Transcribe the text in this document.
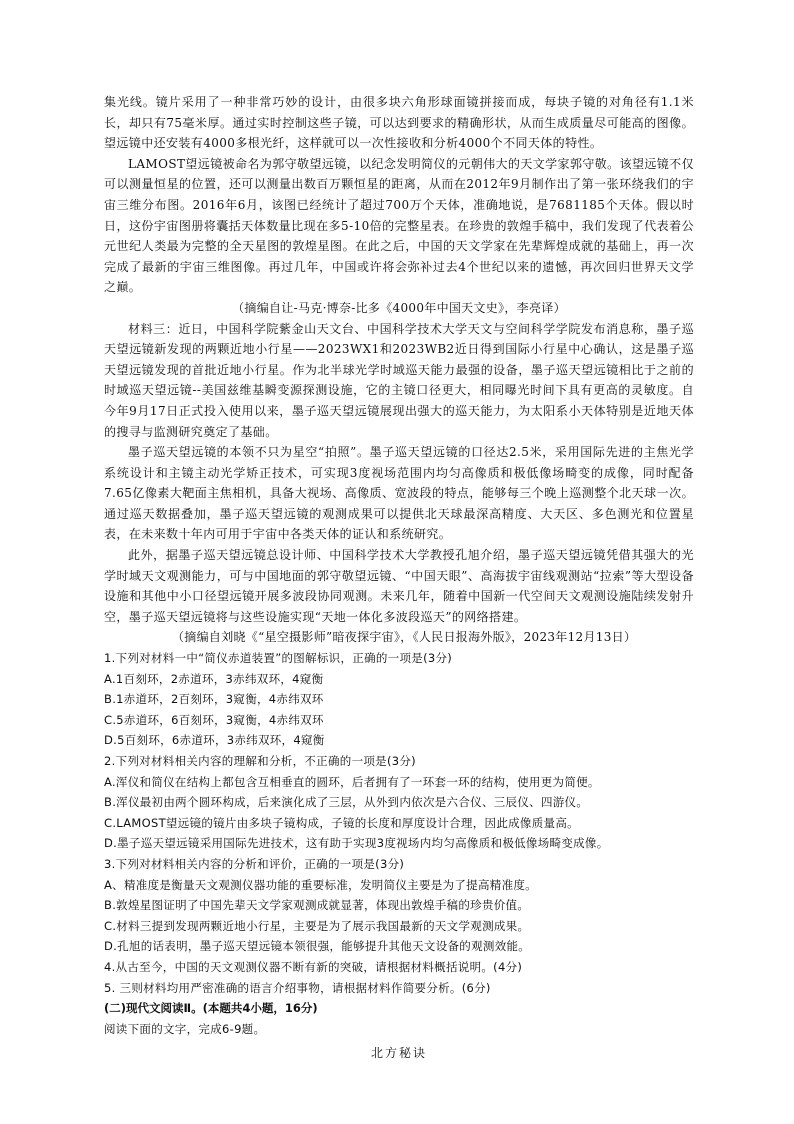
集光线。镜片采用了一种非常巧妙的设计，由很多块六角形球面镜拼接而成，每块子镜的对角径有1.1米长，却只有75毫米厚。通过实时控制这些子镜，可以达到要求的精确形状，从而生成质量尽可能高的图像。望远镜中还安装有4000多根光纤，这样就可以一次性接收和分析4000个不同天体的特性。

LAMOST望远镜被命名为郭守敬望远镜，以纪念发明简仪的元朝伟大的天文学家郭守敬。该望远镜不仅可以测量恒星的位置，还可以测量出数百万颗恒星的距离，从而在2012年9月制作出了第一张环绕我们的宇宙三维分布图。2016年6月，该图已经统计了超过700万个天体，准确地说，是7681185个天体。假以时日，这份宇宙图册将囊括天体数量比现在多5-10倍的完整星表。在珍贵的敦煌手稿中，我们发现了代表着公元世纪人类最为完整的全天星图的敦煌星图。在此之后，中国的天文学家在先辈辉煌成就的基础上，再一次完成了最新的宇宙三维图像。再过几年，中国或许将会弥补过去4个世纪以来的遗憾，再次回归世界天文学之巅。

（摘编自让-马克·博奈-比多《4000年中国天文史》，李亮译）

材料三：近日，中国科学院紫金山天文台、中国科学技术大学天文与空间科学学院发布消息称，墨子巡天望远镜新发现的两颗近地小行星——2023WX1和2023WB2近日得到国际小行星中心确认，这是墨子巡天望远镜发现的首批近地小行星。作为北半球光学时域巡天能力最强的设备，墨子巡天望远镜相比于之前的时域巡天望远镜--美国兹维基瞬变源探测设施，它的主镜口径更大，相同曝光时间下具有更高的灵敏度。自今年9月17日正式投入使用以来，墨子巡天望远镜展现出强大的巡天能力，为太阳系小天体特别是近地天体的搜寻与监测研究奠定了基础。

墨子巡天望远镜的本领不只为星空“拍照”。墨子巡天望远镜的口径达2.5米，采用国际先进的主焦光学系统设计和主镜主动光学矫正技术，可实现3度视场范围内均匀高像质和极低像场畸变的成像，同时配备7.65亿像素大靶面主焦相机，具备大视场、高像质、宽波段的特点，能够每三个晚上巡测整个北天球一次。通过巡天数据叠加，墨子巡天望远镜的观测成果可以提供北天球最深高精度、大天区、多色测光和位置星表，在未来数十年内可用于宇宙中各类天体的证认和系统研究。

此外，据墨子巡天望远镜总设计师、中国科学技术大学教授孔旭介绍，墨子巡天望远镜凭借其强大的光学时域天文观测能力，可与中国地面的郭守敬望远镜、“中国天眼”、高海拔宇宙线观测站“拉索”等大型设备设施和其他中小口径望远镜开展多波段协同观测。未来几年，随着中国新一代空间天文观测设施陆续发射升空，墨子巡天望远镜将与这些设施实现“天地一体化多波段巡天”的网络搭建。

（摘编自刘晓《“星空摄影师”暗夜探宇宙》，《人民日报海外版》，2023年12月13日）

1.下列对材料一中“简仪赤道装置”的图解标识，正确的一项是(3分)

A.1百刻环，2赤道环，3赤纬双环，4窥衡

B.1赤道环，2百刻环，3窥衡，4赤纬双环

C.5赤道环，6百刻环，3窥衡，4赤纬双环

D.5百刻环，6赤道环，3赤纬双环，4窥衡

2.下列对材料相关内容的理解和分析，不正确的一项是(3分)

A.浑仪和简仪在结构上都包含互相垂直的圆环，后者拥有了一环套一环的结构，使用更为简便。

B.浑仪最初由两个圆环构成，后来演化成了三层，从外到内依次是六合仪、三辰仪、四游仪。

C.LAMOST望远镜的镜片由多块子镜构成，子镜的长度和厚度设计合理，因此成像质量高。

D.墨子巡天望远镜采用国际先进技术，这有助于实现3度视场内均匀高像质和极低像场畸变成像。

3.下列对材料相关内容的分析和评价，正确的一项是(3分)

A、精准度是衡量天文观测仪器功能的重要标准，发明简仪主要是为了提高精准度。

B.敦煌星图证明了中国先辈天文学家观测成就显著，体现出敦煌手稿的珍贵价值。

C.材料三提到发现两颗近地小行星，主要是为了展示我国最新的天文学观测成果。

D.孔旭的话表明，墨子巡天望远镜本领很强，能够提升其他天文设备的观测效能。

4.从古至今，中国的天文观测仪器不断有新的突破，请根据材料概括说明。(4分)

5. 三则材料均用严密准确的语言介绍事物，请根据材料作简要分析。(6分)

(二)现代文阅读Ⅱ。(本题共4小题，16分)

阅读下面的文字，完成6-9题。

北方秘诀
